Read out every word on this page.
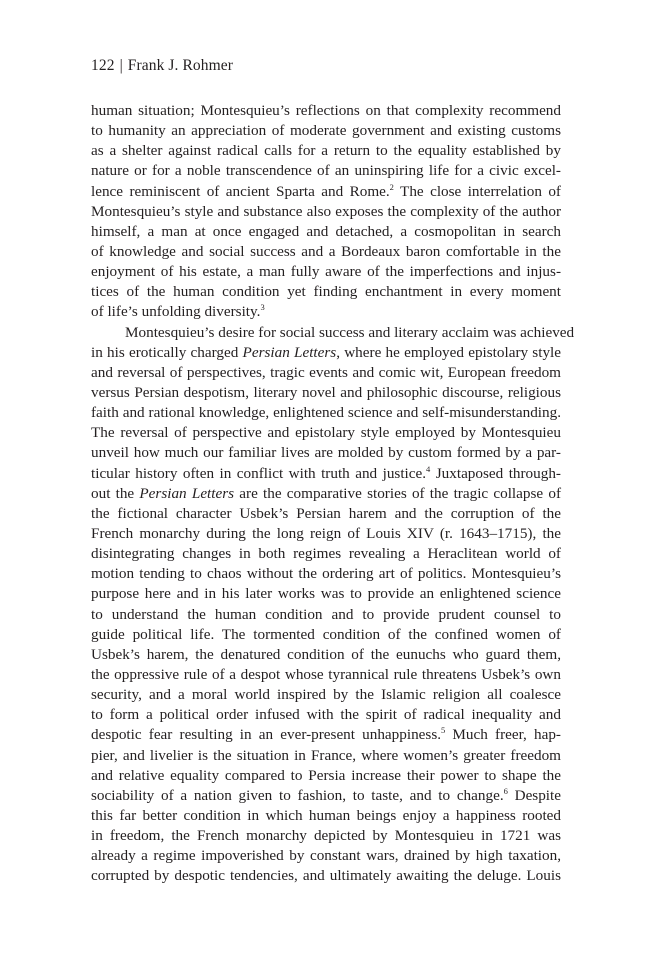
122 | Frank J. Rohmer
human situation; Montesquieu’s reflections on that complexity recommend
to humanity an appreciation of moderate government and existing customs
as a shelter against radical calls for a return to the equality established by
nature or for a noble transcendence of an uninspiring life for a civic excel-
lence reminiscent of ancient Sparta and Rome.$^2$ The close interrelation of
Montesquieu’s style and substance also exposes the complexity of the author
himself, a man at once engaged and detached, a cosmopolitan in search
of knowledge and social success and a Bordeaux baron comfortable in the
enjoyment of his estate, a man fully aware of the imperfections and injus-
tices of the human condition yet finding enchantment in every moment
of life’s unfolding diversity.$^3$
Montesquieu’s desire for social success and literary acclaim was achieved
in his erotically charged Persian Letters, where he employed epistolary style
and reversal of perspectives, tragic events and comic wit, European freedom
versus Persian despotism, literary novel and philosophic discourse, religious
faith and rational knowledge, enlightened science and self-misunderstanding.
The reversal of perspective and epistolary style employed by Montesquieu
unveil how much our familiar lives are molded by custom formed by a par-
ticular history often in conflict with truth and justice.$^4$ Juxtaposed through-
out the Persian Letters are the comparative stories of the tragic collapse of
the fictional character Usbek’s Persian harem and the corruption of the
French monarchy during the long reign of Louis XIV (r. 1643–1715), the
disintegrating changes in both regimes revealing a Heraclitean world of
motion tending to chaos without the ordering art of politics. Montesquieu’s
purpose here and in his later works was to provide an enlightened science
to understand the human condition and to provide prudent counsel to
guide political life. The tormented condition of the confined women of
Usbek’s harem, the denatured condition of the eunuchs who guard them,
the oppressive rule of a despot whose tyrannical rule threatens Usbek’s own
security, and a moral world inspired by the Islamic religion all coalesce
to form a political order infused with the spirit of radical inequality and
despotic fear resulting in an ever-present unhappiness.$^5$ Much freer, hap-
pier, and livelier is the situation in France, where women’s greater freedom
and relative equality compared to Persia increase their power to shape the
sociability of a nation given to fashion, to taste, and to change.$^6$ Despite
this far better condition in which human beings enjoy a happiness rooted
in freedom, the French monarchy depicted by Montesquieu in 1721 was
already a regime impoverished by constant wars, drained by high taxation,
corrupted by despotic tendencies, and ultimately awaiting the deluge. Louis
